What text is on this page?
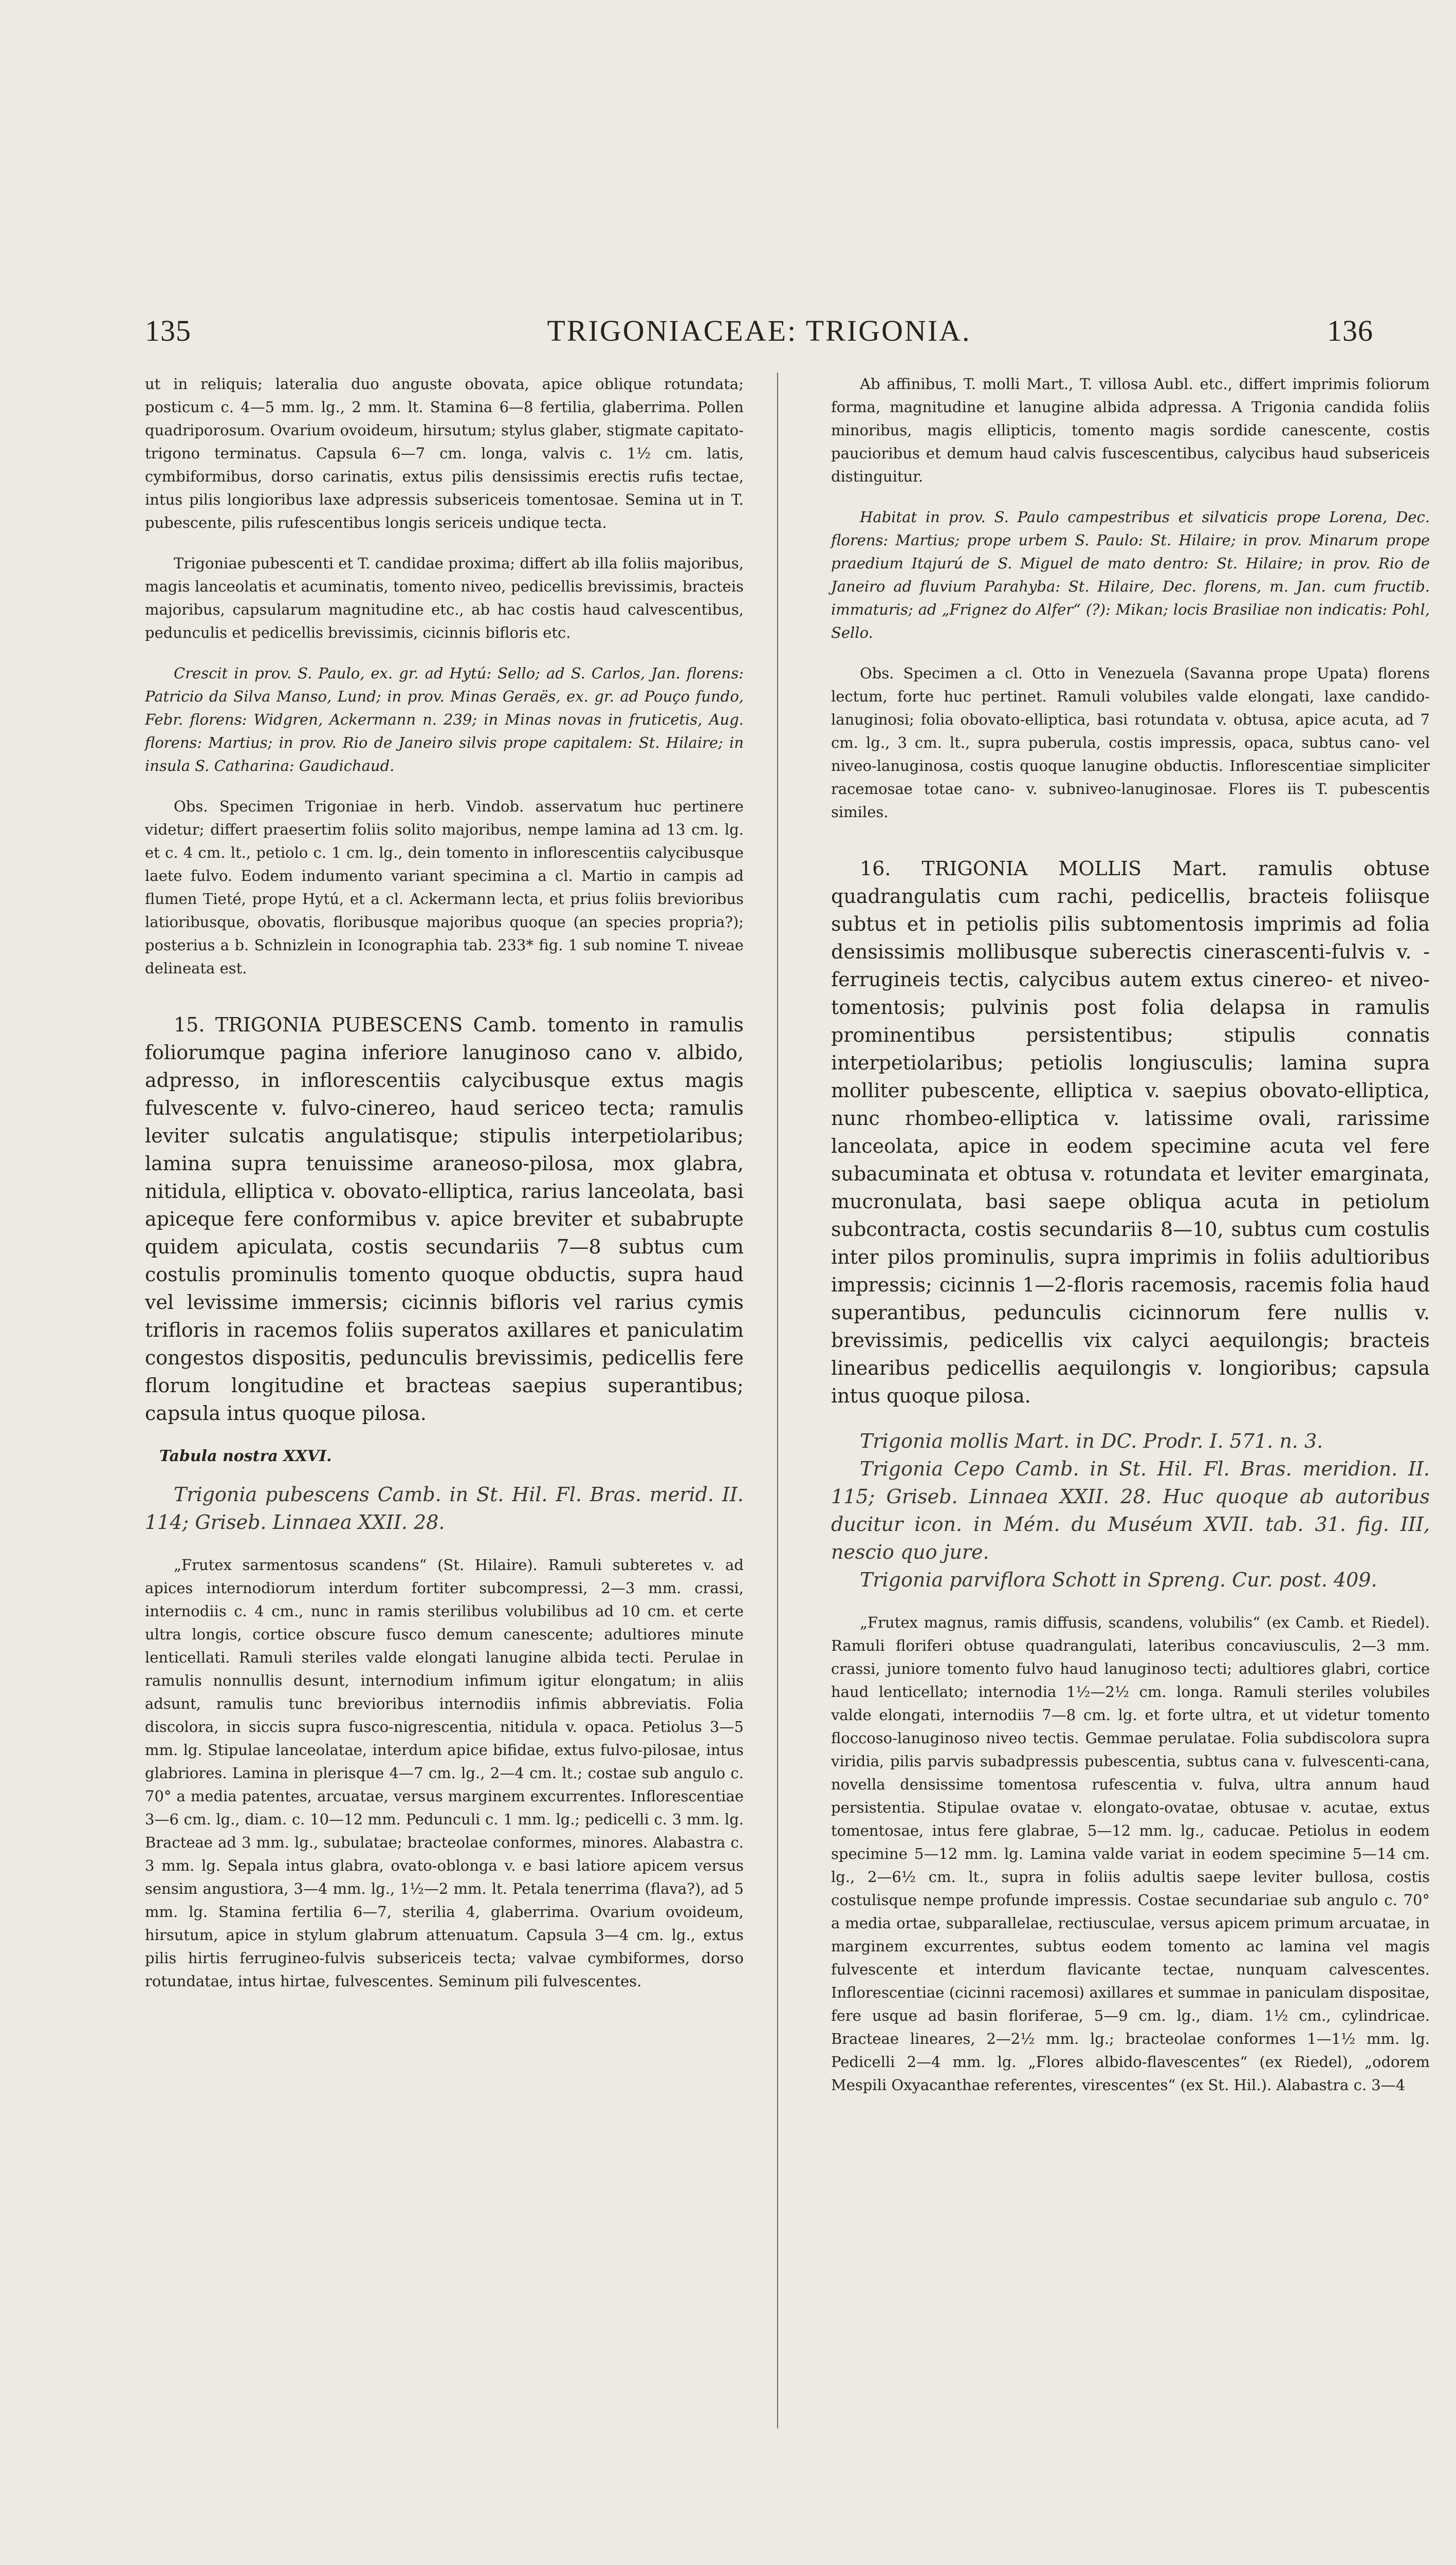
135	TRIGONIACEAE: TRIGONIA.	136

ut in reliquis; lateralia duo anguste obovata, apice oblique rotundata; posticum c. 4—5 mm. lg., 2 mm. lt. Stamina 6—8 fertilia, glaberrima. Pollen quadriporosum. Ovarium ovoideum, hirsutum; stylus glaber, stigmate capitato-trigono terminatus. Capsula 6—7 cm. longa, valvis c. 1½ cm. latis, cymbiformibus, dorso carinatis, extus pilis densissimis erectis rufis tectae, intus pilis longioribus laxe adpressis subsericeis tomentosae. Semina ut in T. pubescente, pilis rufescentibus longis sericeis undique tecta.

Trigoniae pubescenti et T. candidae proxima; differt ab illa foliis majoribus, magis lanceolatis et acuminatis, tomento niveo, pedicellis brevissimis, bracteis majoribus, capsularum magnitudine etc., ab hac costis haud calvescentibus, pedunculis et pedicellis brevissimis, cicinnis bifloris etc.

Crescit in prov. S. Paulo, ex. gr. ad Hytú: Sello; ad S. Carlos, Jan. florens: Patricio da Silva Manso, Lund; in prov. Minas Geraës, ex. gr. ad Pouço fundo, Febr. florens: Widgren, Ackermann n. 239; in Minas novas in fruticetis, Aug. florens: Martius; in prov. Rio de Janeiro silvis prope capitalem: St. Hilaire; in insula S. Catharina: Gaudichaud.

Obs. Specimen Trigoniae in herb. Vindob. asservatum huc pertinere videtur; differt praesertim foliis solito majoribus, nempe lamina ad 13 cm. lg. et c. 4 cm. lt., petiolo c. 1 cm. lg., dein tomento in inflorescentiis calycibusque laete fulvo. Eodem indumento variant specimina a cl. Martio in campis ad flumen Tieté, prope Hytú, et a cl. Ackermann lecta, et prius foliis brevioribus latioribusque, obovatis, floribusque majoribus quoque (an species propria?); posterius a b. Schnizlein in Iconographia tab. 233* fig. 1 sub nomine T. niveae delineata est.

15. TRIGONIA PUBESCENS Camb. tomento in ramulis foliorumque pagina inferiore lanuginoso cano v. albido, adpresso, in inflorescentiis calycibusque extus magis fulvescente v. fulvo-cinereo, haud sericeo tecta; ramulis leviter sulcatis angulatisque; stipulis interpetiolaribus; lamina supra tenuissime araneoso-pilosa, mox glabra, nitidula, elliptica v. obovato-elliptica, rarius lanceolata, basi apiceque fere conformibus v. apice breviter et subabrupte quidem apiculata, costis secundariis 7—8 subtus cum costulis prominulis tomento quoque obductis, supra haud vel levissime immersis; cicinnis bifloris vel rarius cymis trifloris in racemos foliis superatos axillares et paniculatim congestos dispositis, pedunculis brevissimis, pedicellis fere florum longitudine et bracteas saepius superantibus; capsula intus quoque pilosa.

Tabula nostra XXVI.

Trigonia pubescens Camb. in St. Hil. Fl. Bras. merid. II. 114; Griseb. Linnaea XXII. 28.

„Frutex sarmentosus scandens“ (St. Hilaire). Ramuli subteretes v. ad apices internodiorum interdum fortiter subcompressi, 2—3 mm. crassi, internodiis c. 4 cm., nunc in ramis sterilibus volubilibus ad 10 cm. et certe ultra longis, cortice obscure fusco demum canescente; adultiores minute lenticellati. Ramuli steriles valde elongati lanugine albida tecti. Perulae in ramulis nonnullis desunt, internodium infimum igitur elongatum; in aliis adsunt, ramulis tunc brevioribus internodiis infimis abbreviatis. Folia discolora, in siccis supra fusco-nigrescentia, nitidula v. opaca. Petiolus 3—5 mm. lg. Stipulae lanceolatae, interdum apice bifidae, extus fulvo-pilosae, intus glabriores. Lamina in plerisque 4—7 cm. lg., 2—4 cm. lt.; costae sub angulo c. 70° a media patentes, arcuatae, versus marginem excurrentes. Inflorescentiae 3—6 cm. lg., diam. c. 10—12 mm. Pedunculi c. 1 mm. lg.; pedicelli c. 3 mm. lg. Bracteae ad 3 mm. lg., subulatae; bracteolae conformes, minores. Alabastra c. 3 mm. lg. Sepala intus glabra, ovato-oblonga v. e basi latiore apicem versus sensim angustiora, 3—4 mm. lg., 1½—2 mm. lt. Petala tenerrima (flava?), ad 5 mm. lg. Stamina fertilia 6—7, sterilia 4, glaberrima. Ovarium ovoideum, hirsutum, apice in stylum glabrum attenuatum. Capsula 3—4 cm. lg., extus pilis hirtis ferrugineo-fulvis subsericeis tecta; valvae cymbiformes, dorso rotundatae, intus hirtae, fulvescentes. Seminum pili fulvescentes.

Ab affinibus, T. molli Mart., T. villosa Aubl. etc., differt imprimis foliorum forma, magnitudine et lanugine albida adpressa. A Trigonia candida foliis minoribus, magis ellipticis, tomento magis sordide canescente, costis paucioribus et demum haud calvis fuscescentibus, calycibus haud subsericeis distinguitur.

Habitat in prov. S. Paulo campestribus et silvaticis prope Lorena, Dec. florens: Martius; prope urbem S. Paulo: St. Hilaire; in prov. Minarum prope praedium Itajurú de S. Miguel de mato dentro: St. Hilaire; in prov. Rio de Janeiro ad fluvium Parahyba: St. Hilaire, Dec. florens, m. Jan. cum fructib. immaturis; ad „Frignez do Alfer“ (?): Mikan; locis Brasiliae non indicatis: Pohl, Sello.

Obs. Specimen a cl. Otto in Venezuela (Savanna prope Upata) florens lectum, forte huc pertinet. Ramuli volubiles valde elongati, laxe candido-lanuginosi; folia obovato-elliptica, basi rotundata v. obtusa, apice acuta, ad 7 cm. lg., 3 cm. lt., supra puberula, costis impressis, opaca, subtus cano- vel niveo-lanuginosa, costis quoque lanugine obductis. Inflorescentiae simpliciter racemosae totae cano- v. subniveo-lanuginosae. Flores iis T. pubescentis similes.

16. TRIGONIA MOLLIS Mart. ramulis obtuse quadrangulatis cum rachi, pedicellis, bracteis foliisque subtus et in petiolis pilis subtomentosis imprimis ad folia densissimis mollibusque suberectis cinerascenti-fulvis v. -ferrugineis tectis, calycibus autem extus cinereo- et niveo-tomentosis; pulvinis post folia delapsa in ramulis prominentibus persistentibus; stipulis connatis interpetiolaribus; petiolis longiusculis; lamina supra molliter pubescente, elliptica v. saepius obovato-elliptica, nunc rhombeo-elliptica v. latissime ovali, rarissime lanceolata, apice in eodem specimine acuta vel fere subacuminata et obtusa v. rotundata et leviter emarginata, mucronulata, basi saepe obliqua acuta in petiolum subcontracta, costis secundariis 8—10, subtus cum costulis inter pilos prominulis, supra imprimis in foliis adultioribus impressis; cicinnis 1—2-floris racemosis, racemis folia haud superantibus, pedunculis cicinnorum fere nullis v. brevissimis, pedicellis vix calyci aequilongis; bracteis linearibus pedicellis aequilongis v. longioribus; capsula intus quoque pilosa.

Trigonia mollis Mart. in DC. Prodr. I. 571. n. 3.

Trigonia Cepo Camb. in St. Hil. Fl. Bras. meridion. II. 115; Griseb. Linnaea XXII. 28. Huc quoque ab autoribus ducitur icon. in Mém. du Muséum XVII. tab. 31. fig. III, nescio quo jure.

Trigonia parviflora Schott in Spreng. Cur. post. 409.

„Frutex magnus, ramis diffusis, scandens, volubilis“ (ex Camb. et Riedel). Ramuli floriferi obtuse quadrangulati, lateribus concaviusculis, 2—3 mm. crassi, juniore tomento fulvo haud lanuginoso tecti; adultiores glabri, cortice haud lenticellato; internodia 1½—2½ cm. longa. Ramuli steriles volubiles valde elongati, internodiis 7—8 cm. lg. et forte ultra, et ut videtur tomento floccoso-lanuginoso niveo tectis. Gemmae perulatae. Folia subdiscolora supra viridia, pilis parvis subadpressis pubescentia, subtus cana v. fulvescenti-cana, novella densissime tomentosa rufescentia v. fulva, ultra annum haud persistentia. Stipulae ovatae v. elongato-ovatae, obtusae v. acutae, extus tomentosae, intus fere glabrae, 5—12 mm. lg., caducae. Petiolus in eodem specimine 5—12 mm. lg. Lamina valde variat in eodem specimine 5—14 cm. lg., 2—6½ cm. lt., supra in foliis adultis saepe leviter bullosa, costis costulisque nempe profunde impressis. Costae secundariae sub angulo c. 70° a media ortae, subparallelae, rectiusculae, versus apicem primum arcuatae, in marginem excurrentes, subtus eodem tomento ac lamina vel magis fulvescente et interdum flavicante tectae, nunquam calvescentes. Inflorescentiae (cicinni racemosi) axillares et summae in paniculam dispositae, fere usque ad basin floriferae, 5—9 cm. lg., diam. 1½ cm., cylindricae. Bracteae lineares, 2—2½ mm. lg.; bracteolae conformes 1—1½ mm. lg. Pedicelli 2—4 mm. lg. „Flores albido-flavescentes“ (ex Riedel), „odorem Mespili Oxyacanthae referentes, virescentes“ (ex St. Hil.). Alabastra c. 3—4
